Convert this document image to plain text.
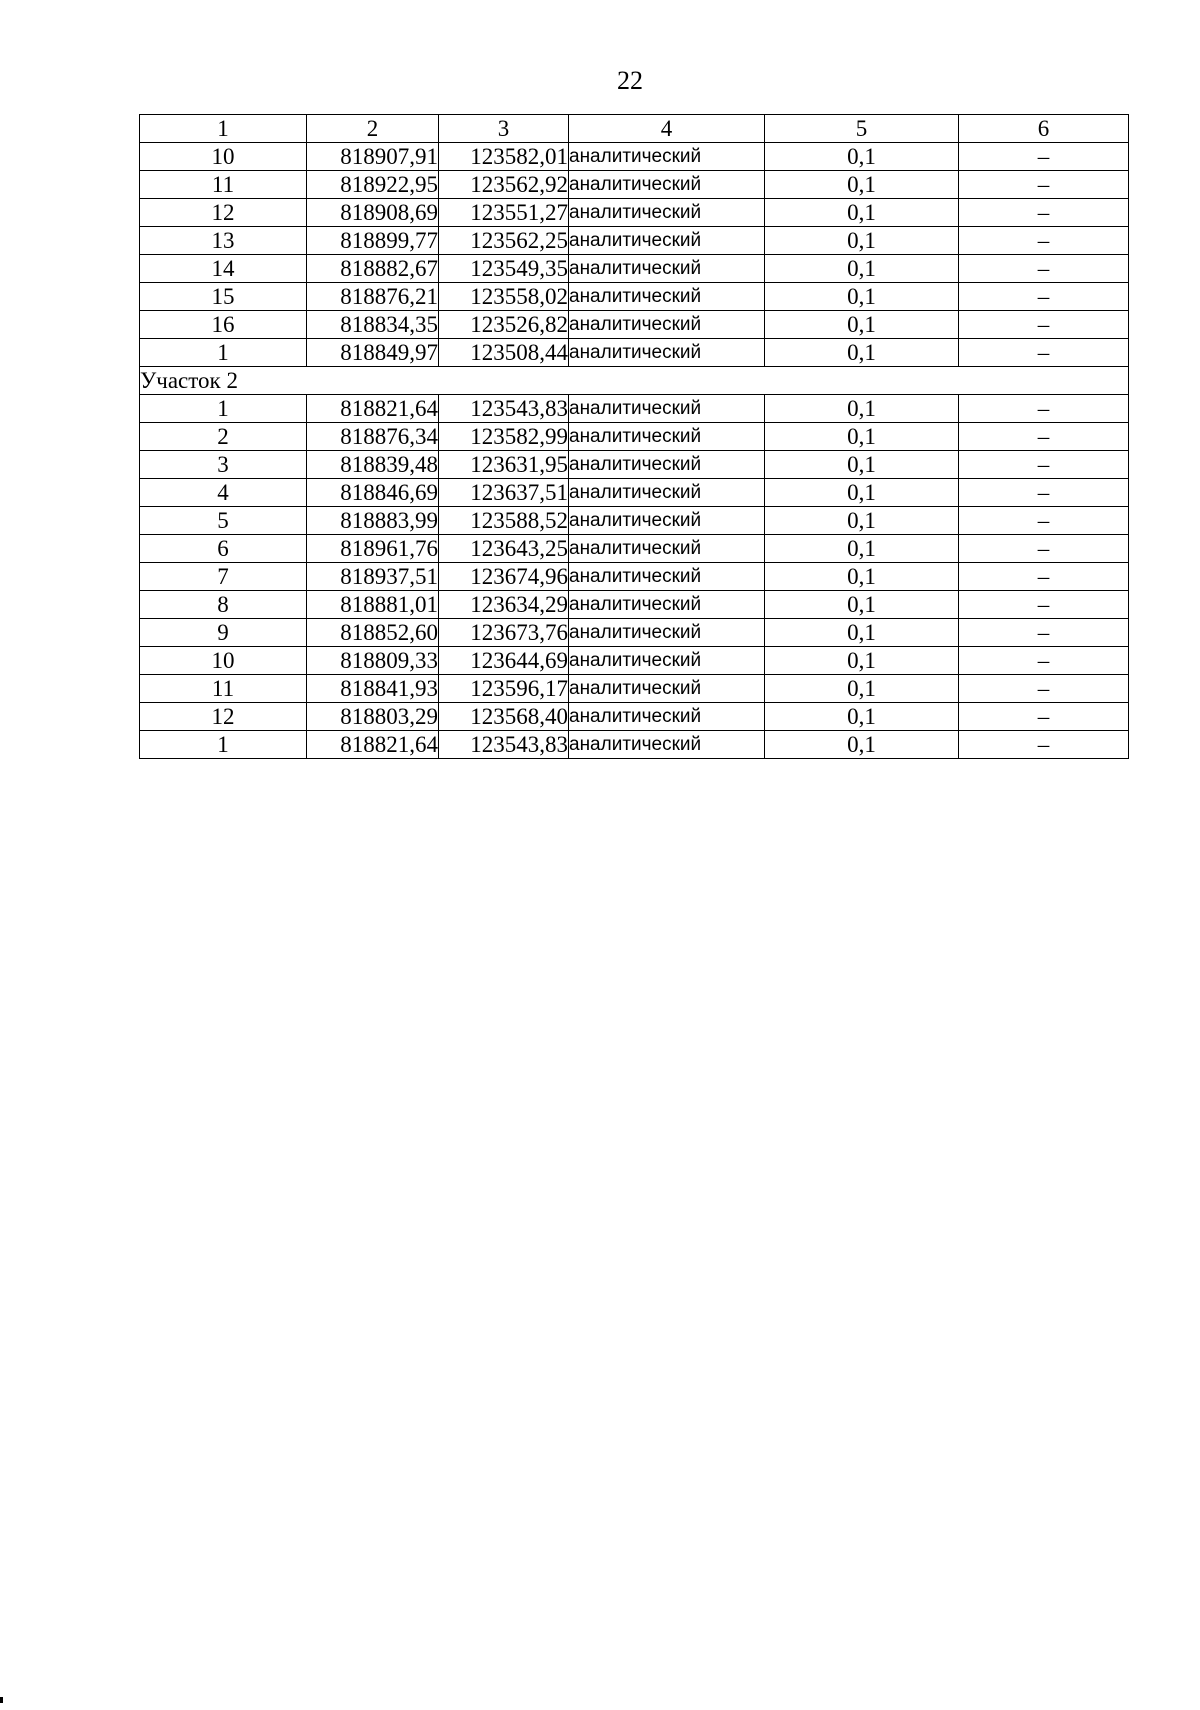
22
1	2	3	4	5	6
10	818907,91	123582,01	аналитический	0,1	–
11	818922,95	123562,92	аналитический	0,1	–
12	818908,69	123551,27	аналитический	0,1	–
13	818899,77	123562,25	аналитический	0,1	–
14	818882,67	123549,35	аналитический	0,1	–
15	818876,21	123558,02	аналитический	0,1	–
16	818834,35	123526,82	аналитический	0,1	–
1	818849,97	123508,44	аналитический	0,1	–
Участок 2					
1	818821,64	123543,83	аналитический	0,1	–
2	818876,34	123582,99	аналитический	0,1	–
3	818839,48	123631,95	аналитический	0,1	–
4	818846,69	123637,51	аналитический	0,1	–
5	818883,99	123588,52	аналитический	0,1	–
6	818961,76	123643,25	аналитический	0,1	–
7	818937,51	123674,96	аналитический	0,1	–
8	818881,01	123634,29	аналитический	0,1	–
9	818852,60	123673,76	аналитический	0,1	–
10	818809,33	123644,69	аналитический	0,1	–
11	818841,93	123596,17	аналитический	0,1	–
12	818803,29	123568,40	аналитический	0,1	–
1	818821,64	123543,83	аналитический	0,1	–
